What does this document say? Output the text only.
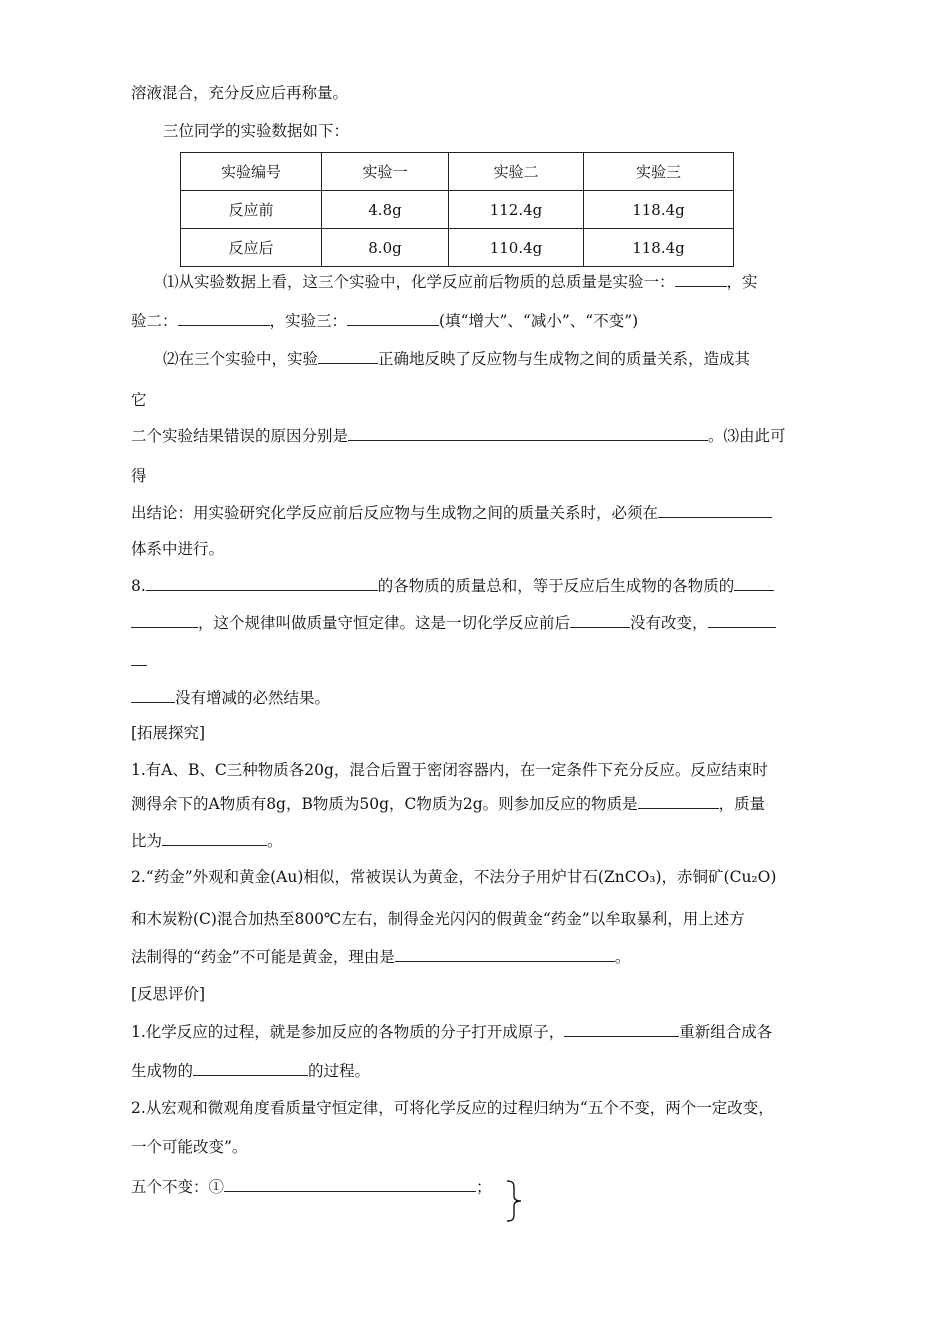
溶液混合，充分反应后再称量。
三位同学的实验数据如下：
实验编号	实验一	实验二	实验三
反应前	4.8g	112.4g	118.4g
反应后	8.0g	110.4g	118.4g
⑴从实验数据上看，这三个实验中，化学反应前后物质的总质量是实验一：	，实
验二：	，实验三：	(填“增大”、“减小”、“不变”)
⑵在三个实验中，实验	正确地反映了反应物与生成物之间的质量关系，造成其
它
二个实验结果错误的原因分别是	。⑶由此可
得
出结论：用实验研究化学反应前后反应物与生成物之间的质量关系时，必须在
体系中进行。
8.	的各物质的质量总和，等于反应后生成物的各物质的
，这个规律叫做质量守恒定律。这是一切化学反应前后	没有改变，
没有增减的必然结果。
[拓展探究]
1.有A、B、C三种物质各20g，混合后置于密闭容器内，在一定条件下充分反应。反应结束时
测得余下的A物质有8g，B物质为50g，C物质为2g。则参加反应的物质是	，质量
比为	。
2.“药金”外观和黄金(Au)相似，常被误认为黄金，不法分子用炉甘石(ZnCO₃)，赤铜矿(Cu₂O)
和木炭粉(C)混合加热至800℃左右，制得金光闪闪的假黄金“药金”以牟取暴利，用上述方
法制得的“药金”不可能是黄金，理由是	。
[反思评价]
1.化学反应的过程，就是参加反应的各物质的分子打开成原子，	重新组合成各
生成物的	的过程。
2.从宏观和微观角度看质量守恒定律，可将化学反应的过程归纳为“五个不变，两个一定改变，
一个可能改变”。
五个不变：①	；
